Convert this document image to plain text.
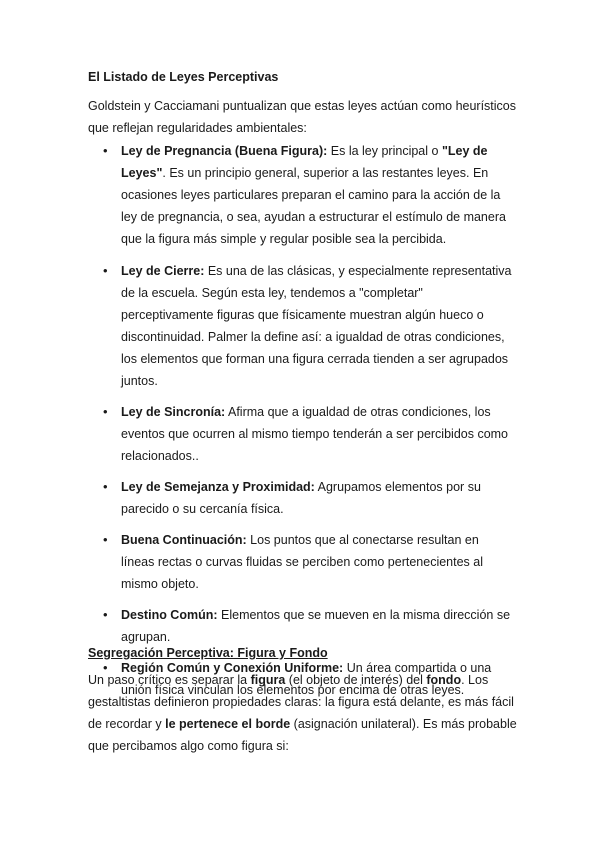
El Listado de Leyes Perceptivas

Goldstein y Cacciamani puntualizan que estas leyes actúan como heurísticos que reflejan regularidades ambientales:

• Ley de Pregnancia (Buena Figura): Es la ley principal o "Ley de Leyes". Es un principio general, superior a las restantes leyes. En ocasiones leyes particulares preparan el camino para la acción de la ley de pregnancia, o sea, ayudan a estructurar el estímulo de manera que la figura más simple y regular posible sea la percibida.
• Ley de Cierre: Es una de las clásicas, y especialmente representativa de la escuela. Según esta ley, tendemos a "completar" perceptivamente figuras que físicamente muestran algún hueco o discontinuidad. Palmer la define así: a igualdad de otras condiciones, los elementos que forman una figura cerrada tienden a ser agrupados juntos.
• Ley de Sincronía: Afirma que a igualdad de otras condiciones, los eventos que ocurren al mismo tiempo tenderán a ser percibidos como relacionados..
• Ley de Semejanza y Proximidad: Agrupamos elementos por su parecido o su cercanía física.
• Buena Continuación: Los puntos que al conectarse resultan en líneas rectas o curvas fluidas se perciben como pertenecientes al mismo objeto.
• Destino Común: Elementos que se mueven en la misma dirección se agrupan.
• Región Común y Conexión Uniforme: Un área compartida o una unión física vinculan los elementos por encima de otras leyes.

Segregación Perceptiva: Figura y Fondo

Un paso crítico es separar la figura (el objeto de interés) del fondo. Los gestaltistas definieron propiedades claras: la figura está delante, es más fácil de recordar y le pertenece el borde (asignación unilateral). Es más probable que percibamos algo como figura si:
